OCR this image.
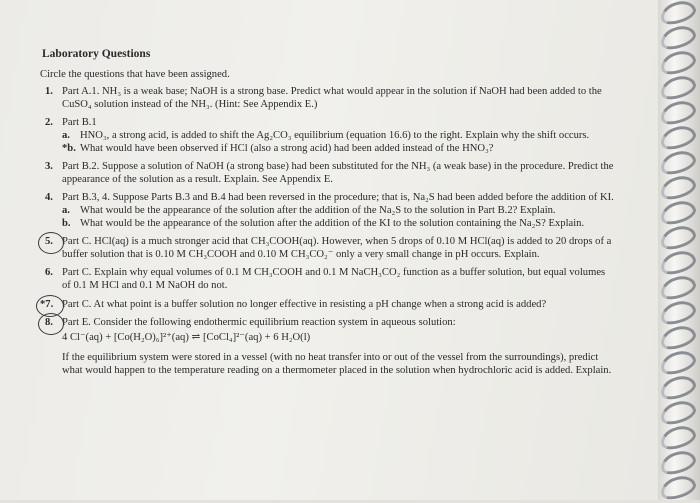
Laboratory Questions
Circle the questions that have been assigned.
1. Part A.1. NH₃ is a weak base; NaOH is a strong base. Predict what would appear in the solution if NaOH had been added to the CuSO₄ solution instead of the NH₃. (Hint: See Appendix E.)
2. Part B.1
a. HNO₃, a strong acid, is added to shift the Ag₂CO₃ equilibrium (equation 16.6) to the right. Explain why the shift occurs.
*b. What would have been observed if HCl (also a strong acid) had been added instead of the HNO₃?
3. Part B.2. Suppose a solution of NaOH (a strong base) had been substituted for the NH₃ (a weak base) in the procedure. Predict the appearance of the solution as a result. Explain. See Appendix E.
4. Part B.3, 4. Suppose Parts B.3 and B.4 had been reversed in the procedure; that is, Na₂S had been added before the addition of KI.
a. What would be the appearance of the solution after the addition of the Na₂S to the solution in Part B.2? Explain.
b. What would be the appearance of the solution after the addition of the KI to the solution containing the Na₂S? Explain.
5. Part C. HCl(aq) is a much stronger acid that CH₃COOH(aq). However, when 5 drops of 0.10 M HCl(aq) is added to 20 drops of a buffer solution that is 0.10 M CH₃COOH and 0.10 M CH₃CO₂⁻ only a very small change in pH occurs. Explain.
6. Part C. Explain why equal volumes of 0.1 M CH₃COOH and 0.1 M NaCH₃CO₂ function as a buffer solution, but equal volumes of 0.1 M HCl and 0.1 M NaOH do not.
*7. Part C. At what point is a buffer solution no longer effective in resisting a pH change when a strong acid is added?
8. Part E. Consider the following endothermic equilibrium reaction system in aqueous solution:
4 Cl⁻(aq) + [Co(H₂O)₆]²⁺(aq) ⇌ [CoCl₄]²⁻(aq) + 6 H₂O(l)
If the equilibrium system were stored in a vessel (with no heat transfer into or out of the vessel from the surroundings), predict what would happen to the temperature reading on a thermometer placed in the solution when hydrochloric acid is added. Explain.
